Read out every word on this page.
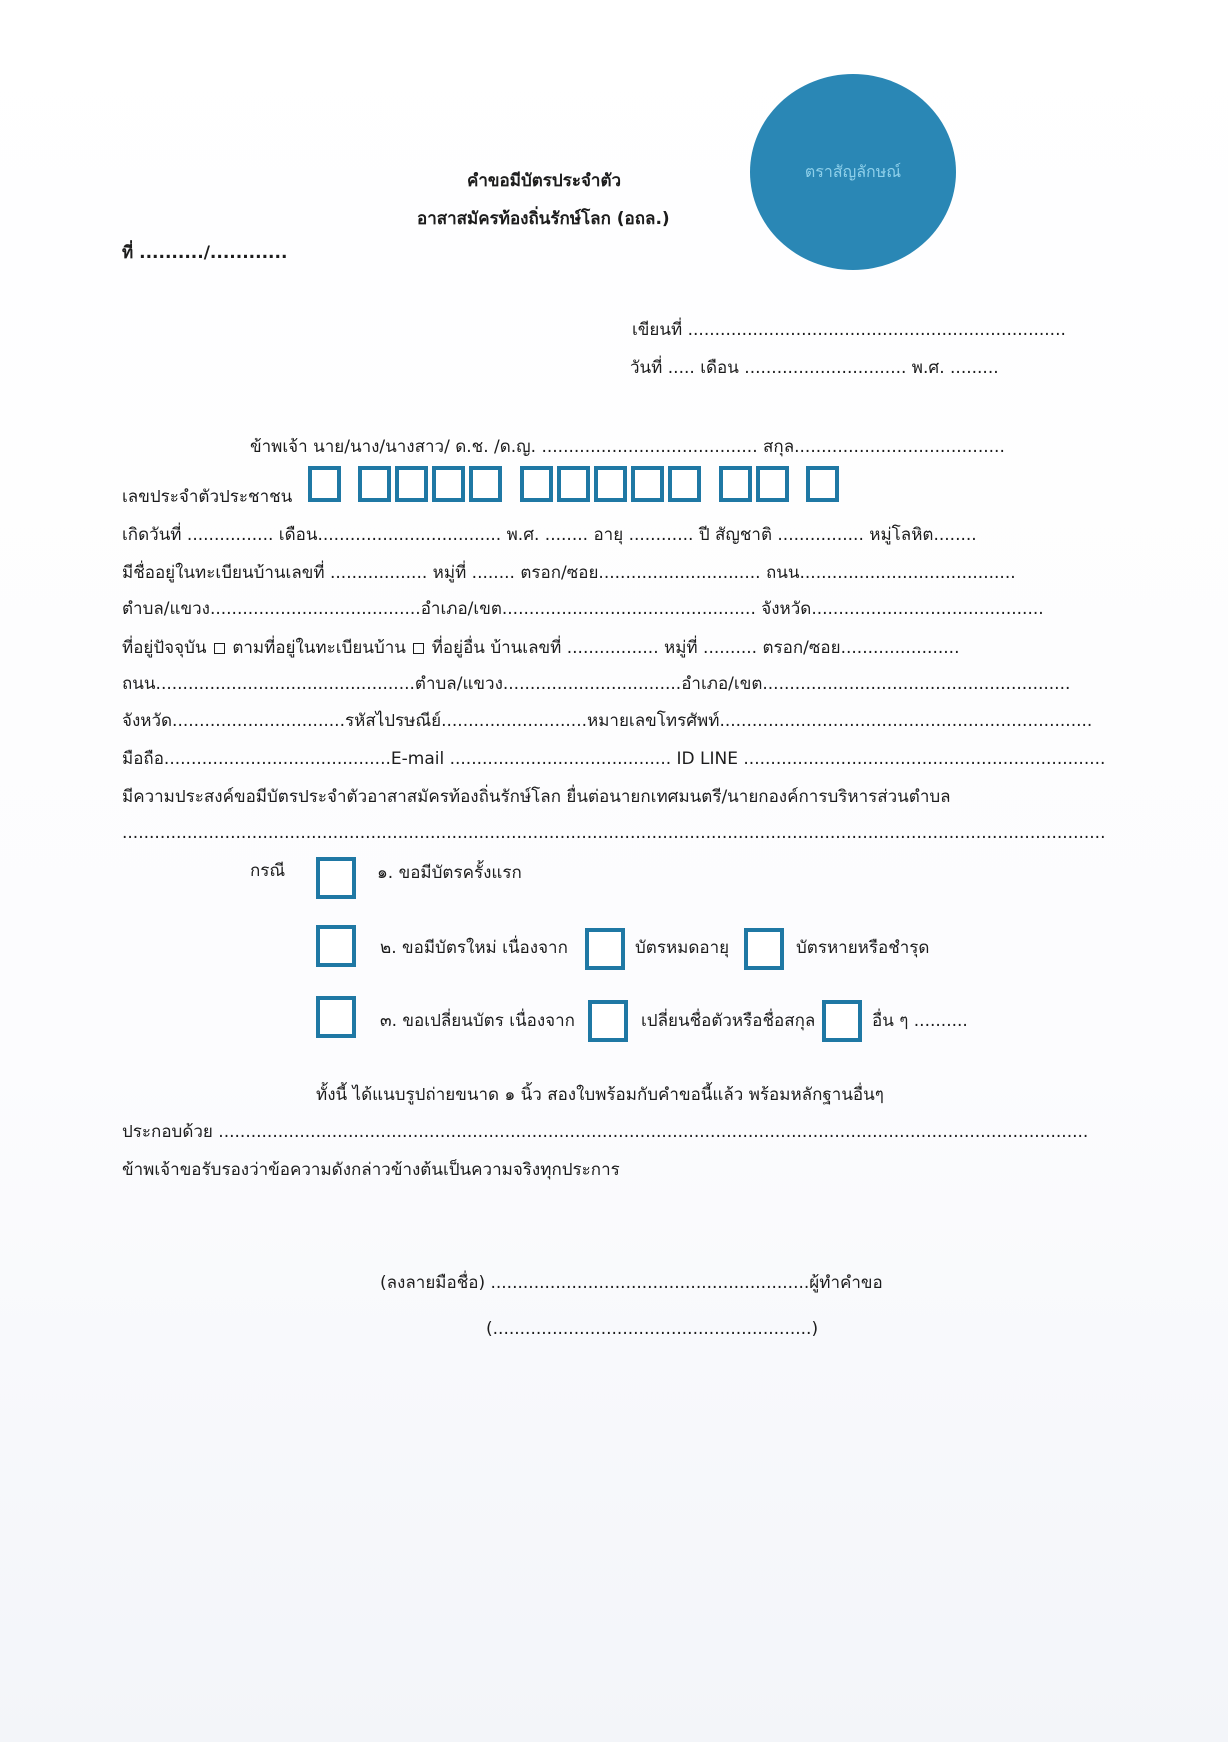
ตราสัญลักษณ์
คำขอมีบัตรประจำตัว
อาสาสมัครท้องถิ่นรักษ์โลก (อถล.)
ที่ ........../............
เขียนที่ ......................................................................
วันที่ ..... เดือน .............................. พ.ศ. .........
ข้าพเจ้า นาย/นาง/นางสาว/ ด.ช. /ด.ญ. ........................................ สกุล.......................................
เลขประจำตัวประชาชน
เกิดวันที่ ................ เดือน.................................. พ.ศ. ........ อายุ ............ ปี สัญชาติ ................ หมู่โลหิต........
มีชื่ออยู่ในทะเบียนบ้านเลขที่ .................. หมู่ที่ ........ ตรอก/ซอย.............................. ถนน........................................
ตำบล/แขวง.......................................อำเภอ/เขต............................................... จังหวัด...........................................
ที่อยู่ปัจจุบัน ตามที่อยู่ในทะเบียนบ้าน ที่อยู่อื่น บ้านเลขที่ ................. หมู่ที่ .......... ตรอก/ซอย......................
ถนน................................................ตำบล/แขวง.................................อำเภอ/เขต.........................................................
จังหวัด................................รหัสไปรษณีย์...........................หมายเลขโทรศัพท์.....................................................................
มือถือ..........................................E-mail ......................................... ID LINE ...................................................................
มีความประสงค์ขอมีบัตรประจำตัวอาสาสมัครท้องถิ่นรักษ์โลก ยื่นต่อนายกเทศมนตรี/นายกองค์การบริหารส่วนตำบล
......................................................................................................................................................................................
กรณี	๑. ขอมีบัตรครั้งแรก
๒. ขอมีบัตรใหม่ เนื่องจาก	บัตรหมดอายุ	บัตรหายหรือชำรุด
๓. ขอเปลี่ยนบัตร เนื่องจาก	เปลี่ยนชื่อตัวหรือชื่อสกุล	อื่น ๆ ..........
ทั้งนี้ ได้แนบรูปถ่ายขนาด ๑ นิ้ว สองใบพร้อมกับคำขอนี้แล้ว พร้อมหลักฐานอื่นๆ
ประกอบด้วย .................................................................................................................................................................
ข้าพเจ้าขอรับรองว่าข้อความดังกล่าวข้างต้นเป็นความจริงทุกประการ
(ลงลายมือชื่อ) ...........................................................ผู้ทำคำขอ
(...........................................................)
